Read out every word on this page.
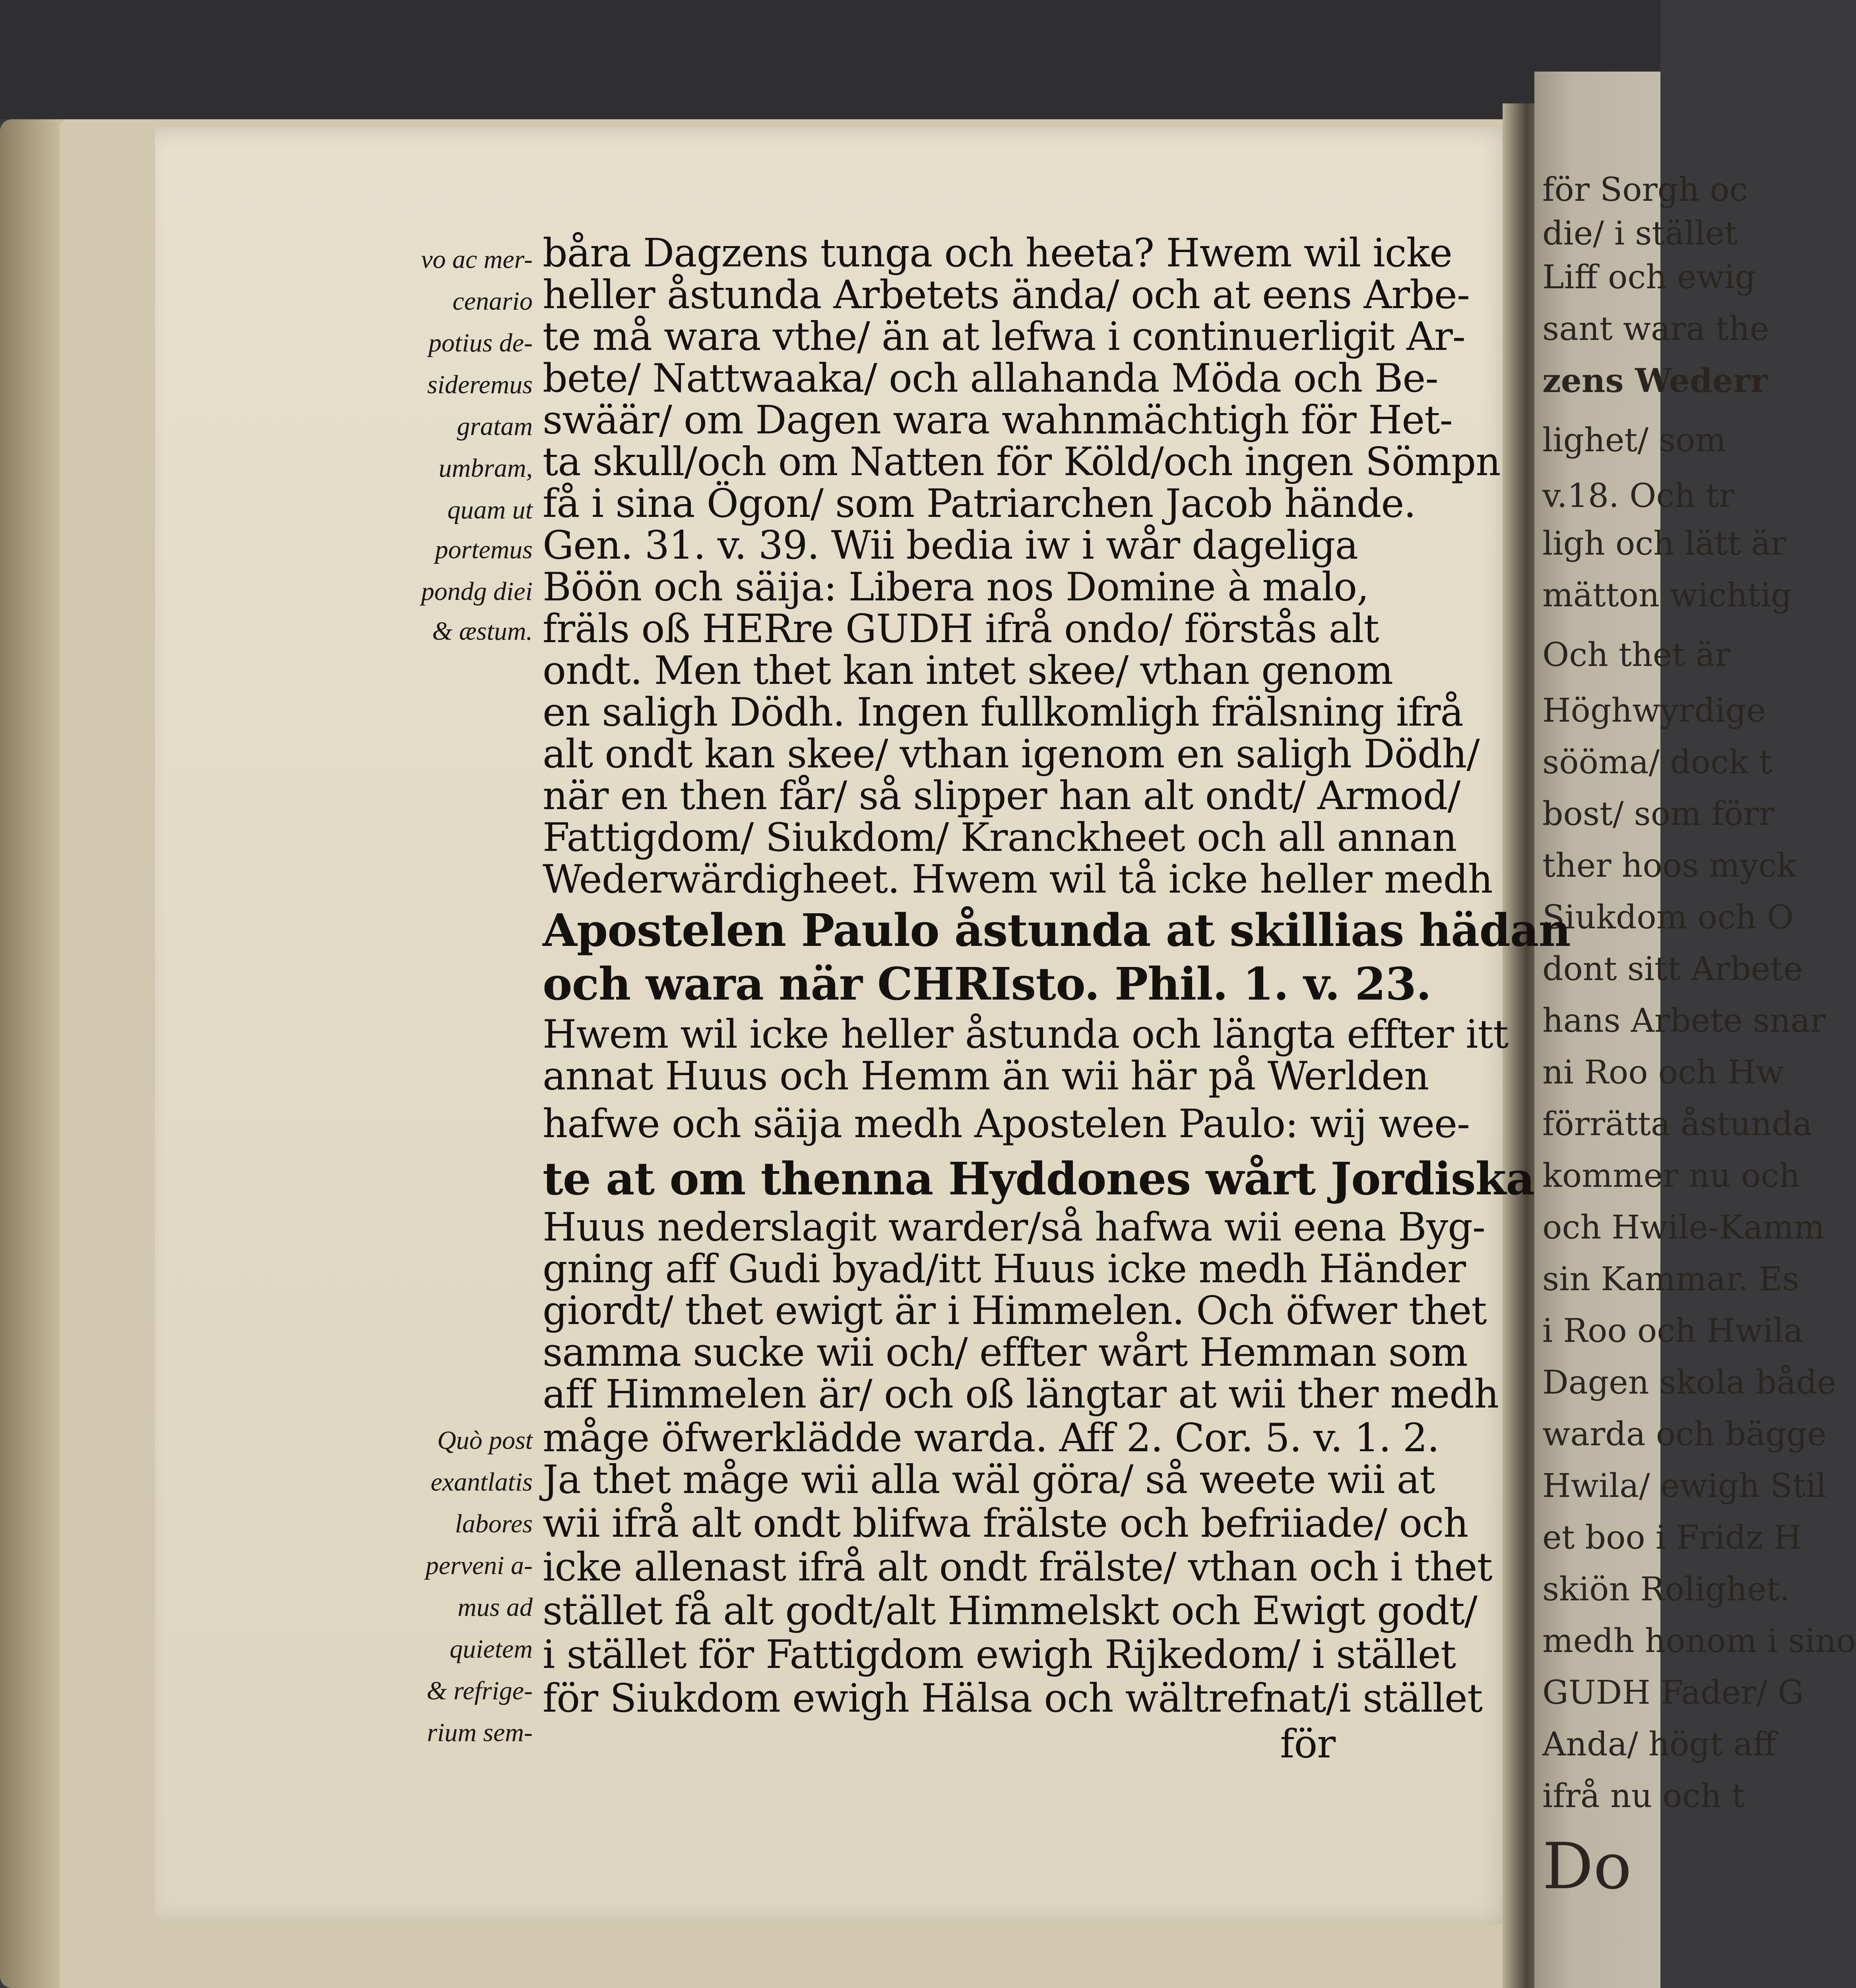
för Sorgh oc
die/ i stället
Liff och ewig
sant wara the
zens Wederr
lighet/ som
v.18. Och tr
ligh och lätt är
mätton wichtig
Och thet är
Höghwyrdige
sööma/ dock t
bost/ som förr
ther hoos myck
Siukdom och O
dont sitt Arbete
hans Arbete snar
ni Roo och Hw
förrätta åstunda
kommer nu och
och Hwile-Kamm
sin Kammar. Es
i Roo och Hwila
Dagen skola både
warda och bägge
Hwila/ ewigh Stil
et boo i Fridz H
skiön Rolighet.
medh honom i sino
GUDH Fader/ G
Anda/ högt aff
ifrå nu och t
Do
vo ac mer-
cenario
potius de-
sideremus
gratam
umbram,
quam ut
portemus
pondg diei
& æstum.
Quò post
exantlatis
labores
perveni a-
mus ad
quietem
& refrige-
rium sem-
båra Dagzens tunga och heeta? Hwem wil icke
heller åstunda Arbetets ända/ och at eens Arbe-
te må wara vthe/ än at lefwa i continuerligit Ar-
bete/ Nattwaaka/ och allahanda Möda och Be-
swäär/ om Dagen wara wahnmächtigh för Het-
ta skull/och om Natten för Köld/och ingen Sömpn
få i sina Ögon/ som Patriarchen Jacob hände.
Gen. 31. v. 39. Wii bedia iw i wår dageliga
Böön och säija: Libera nos Domine à malo,
fräls oß HERre GUDH ifrå ondo/ förstås alt
ondt. Men thet kan intet skee/ vthan genom
en saligh Dödh. Ingen fullkomligh frälsning ifrå
alt ondt kan skee/ vthan igenom en saligh Dödh/
när en then får/ så slipper han alt ondt/ Armod/
Fattigdom/ Siukdom/ Kranckheet och all annan
Wederwärdigheet. Hwem wil tå icke heller medh
Apostelen Paulo åstunda at skillias hädan
och wara när CHRIsto. Phil. 1. v. 23.
Hwem wil icke heller åstunda och längta effter itt
annat Huus och Hemm än wii här på Werlden
hafwe och säija medh Apostelen Paulo: wij wee-
te at om thenna Hyddones wårt Jordiska
Huus nederslagit warder/så hafwa wii eena Byg-
gning aff Gudi byad/itt Huus icke medh Händer
giordt/ thet ewigt är i Himmelen. Och öfwer thet
samma sucke wii och/ effter wårt Hemman som
aff Himmelen är/ och oß längtar at wii ther medh
måge öfwerklädde warda. Aff 2. Cor. 5. v. 1. 2.
Ja thet måge wii alla wäl göra/ så weete wii at
wii ifrå alt ondt blifwa frälste och befriiade/ och
icke allenast ifrå alt ondt frälste/ vthan och i thet
stället få alt godt/alt Himmelskt och Ewigt godt/
i stället för Fattigdom ewigh Rijkedom/ i stället
för Siukdom ewigh Hälsa och wältrefnat/i stället
för
